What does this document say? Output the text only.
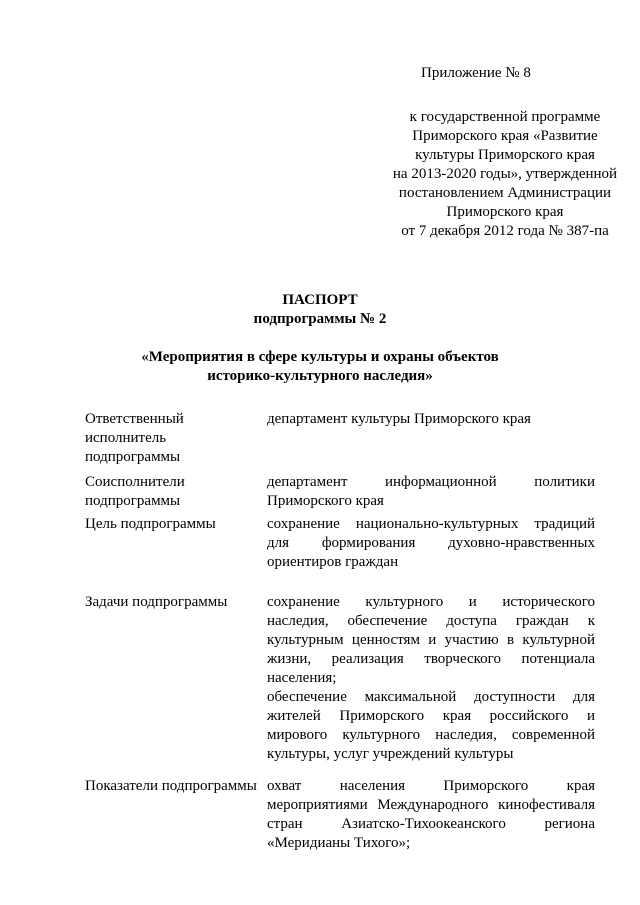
Приложение № 8
к государственной программе
Приморского края «Развитие
культуры Приморского края
на 2013-2020 годы», утвержденной
постановлением Администрации
Приморского края
от 7 декабря 2012 года № 387-па
ПАСПОРТ
подпрограммы № 2
«Мероприятия в сфере культуры и охраны объектов
историко-культурного наследия»
Ответственный
исполнитель
подпрограммы
департамент культуры Приморского края
Соисполнители
подпрограммы
департамент информационной политики
Приморского края
Цель подпрограммы	сохранение национально-культурных традиций
для формирования духовно-нравственных
ориентиров граждан
Задачи подпрограммы	сохранение культурного и исторического
наследия, обеспечение доступа граждан к
культурным ценностям и участию в культурной
жизни, реализация творческого потенциала
населения;
обеспечение максимальной доступности для
жителей Приморского края российского и
мирового культурного наследия, современной
культуры, услуг учреждений культуры
Показатели подпрограммы охват населения Приморского края
мероприятиями Международного кинофестиваля
стран Азиатско-Тихоокеанского региона
«Меридианы Тихого»;
